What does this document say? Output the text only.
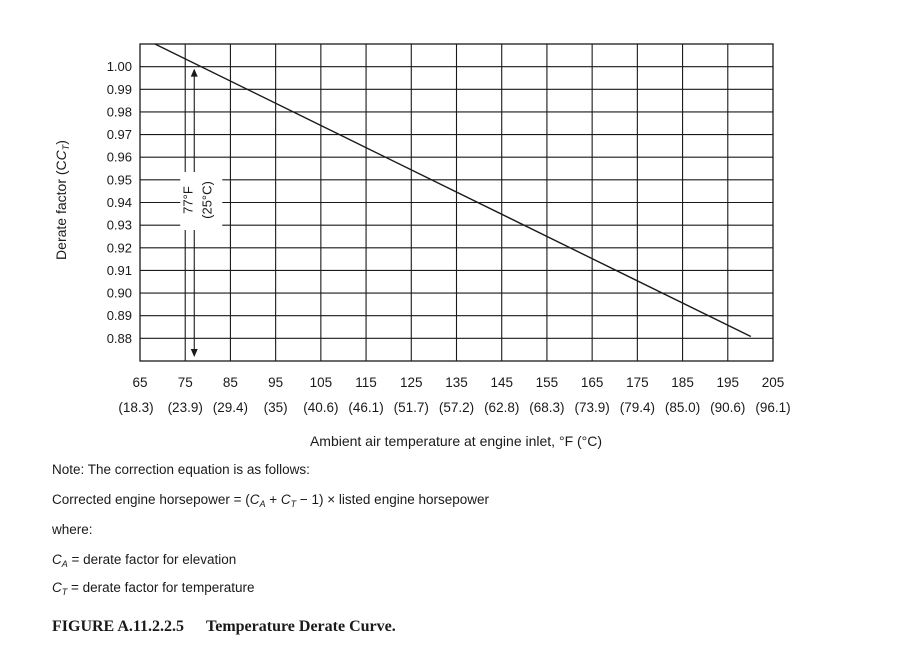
77°F (25°C)
1.00
0.99
0.98
0.97
0.96
0.95
0.94
0.93
0.92
0.91
0.90
0.89
0.88
65
(18.3)
75
(23.9)
85
(29.4)
95
(35)
105
(40.6)
115
(46.1)
125
(51.7)
135
(57.2)
145
(62.8)
155
(68.3)
165
(73.9)
175
(79.4)
185
(85.0)
195
(90.6)
205
(96.1)
Derate factor $(CC_T)$
Ambient air temperature at engine inlet, °F (°C)
Note: The correction equation is as follows:
Corrected engine horsepower = $(C_A + C_T - 1)$ × listed engine horsepower
where:
$C_A$ = derate factor for elevation
$C_T$ = derate factor for temperature
FIGURE A.11.2.2.5 Temperature Derate Curve.
